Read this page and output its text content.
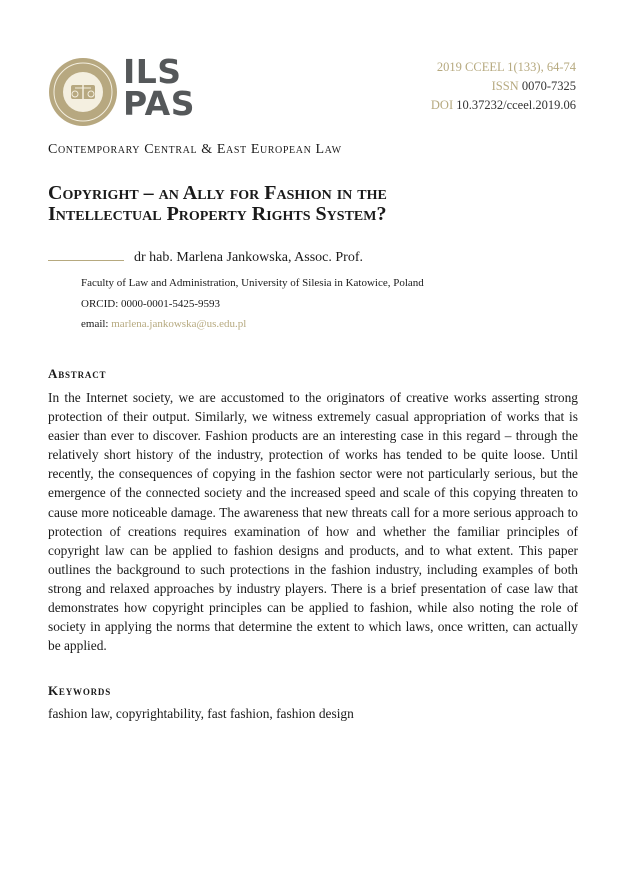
ILS
PAS
2019 CCEEL 1(133), 64-74
ISSN 0070-7325
DOI 10.37232/cceel.2019.06
Contemporary Central & East European Law
Copyright – an Ally for Fashion in the
Intellectual Property Rights System?
dr hab. Marlena Jankowska, Assoc. Prof.
Faculty of Law and Administration, University of Silesia in Katowice, Poland
ORCID: 0000-0001-5425-9593
email: marlena.jankowska@us.edu.pl
Abstract
In the Internet society, we are accustomed to the originators of creative works asserting strong protection of their output. Similarly, we witness extremely casual appropriation of works that is easier than ever to discover. Fashion products are an interesting case in this regard – through the relatively short history of the industry, protection of works has tended to be quite loose. Until recently, the consequences of copying in the fashion sector were not particularly serious, but the emergence of the connected society and the increased speed and scale of this copying threaten to cause more noticeable damage. The awareness that new threats call for a more serious approach to protection of creations requires examination of how and whether the familiar principles of copyright law can be applied to fashion designs and products, and to what extent. This paper outlines the background to such protections in the fashion industry, including examples of both strong and relaxed approaches by industry players. There is a brief presentation of case law that demonstrates how copyright principles can be applied to fashion, while also noting the role of society in applying the norms that determine the extent to which laws, once written, can actually be applied.
Keywords
fashion law, copyrightability, fast fashion, fashion design
